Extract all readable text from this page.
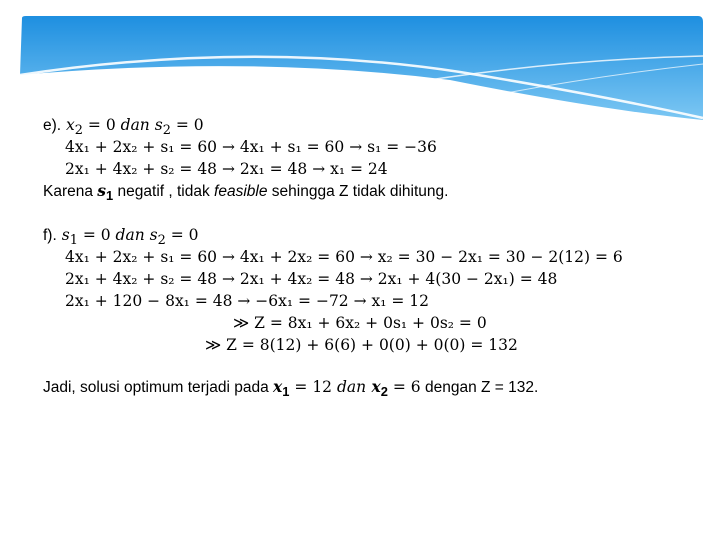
e). $x_2 = 0$ dan $s_2 = 0$
4x₁ + 2x₂ + s₁ = 60 → 4x₁ + s₁ = 60 → s₁ = −36
2x₁ + 4x₂ + s₂ = 48 → 2x₁ = 48 → x₁ = 24
Karena $s_1$ negatif , tidak feasible sehingga Z tidak dihitung.
f). $s_1 = 0$ dan $s_2 = 0$
4x₁ + 2x₂ + s₁ = 60 → 4x₁ + 2x₂ = 60 → x₂ = 30 − 2x₁ = 30 − 2(12) = 6
2x₁ + 4x₂ + s₂ = 48 → 2x₁ + 4x₂ = 48 → 2x₁ + 4(30 − 2x₁) = 48
2x₁ + 120 − 8x₁ = 48 → −6x₁ = −72 → x₁ = 12
≫ Z = 8x₁ + 6x₂ + 0s₁ + 0s₂ = 0
≫ Z = 8(12) + 6(6) + 0(0) + 0(0) = 132
Jadi, solusi optimum terjadi pada $x_1 = 12$ dan $x_2 = 6$ dengan Z = 132.
